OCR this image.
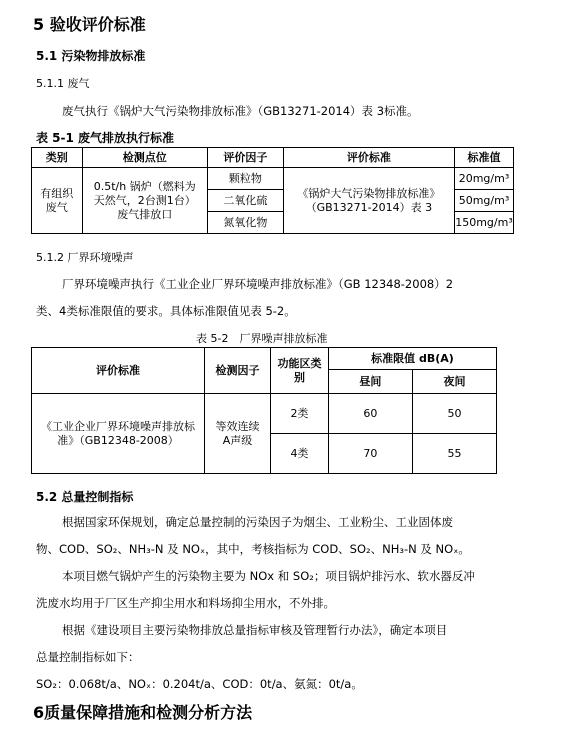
5 验收评价标准
5.1 污染物排放标准
5.1.1 废气
废气执行《锅炉大气污染物排放标准》（GB13271-2014）表 3标准。
表 5-1 废气排放执行标准
类别	检测点位	评价因子	评价标准	标准值
有组织废气	0.5t/h 锅炉（燃料为天然气，2台测1台）废气排放口	颗粒物	《锅炉大气污染物排放标准》（GB13271-2014）表 3	20mg/m³
		二氧化硫		50mg/m³
		氮氧化物		150mg/m³
5.1.2 厂界环境噪声
厂界环境噪声执行《工业企业厂界环境噪声排放标准》（GB 12348-2008）2
类、4类标准限值的要求。具体标准限值见表 5-2。
表 5-2　厂界噪声排放标准
评价标准	检测因子	功能区类别	标准限值 dB(A)	
			昼间	夜间
《工业企业厂界环境噪声排放标准》（GB12348-2008）	等效连续A声级	2类	60	50
		4类	70	55
5.2 总量控制指标
根据国家环保规划，确定总量控制的污染因子为烟尘、工业粉尘、工业固体废
物、COD、SO₂、NH₃-N 及 NOₓ，其中，考核指标为 COD、SO₂、NH₃-N 及 NOₓ。
本项目燃气锅炉产生的污染物主要为 NOx 和 SO₂；项目锅炉排污水、软水器反冲
洗废水均用于厂区生产抑尘用水和料场抑尘用水，不外排。
根据《建设项目主要污染物排放总量指标审核及管理暂行办法》，确定本项目
总量控制指标如下：
SO₂：0.068t/a、NOₓ：0.204t/a、COD：0t/a、氨氮：0t/a。
6质量保障措施和检测分析方法
